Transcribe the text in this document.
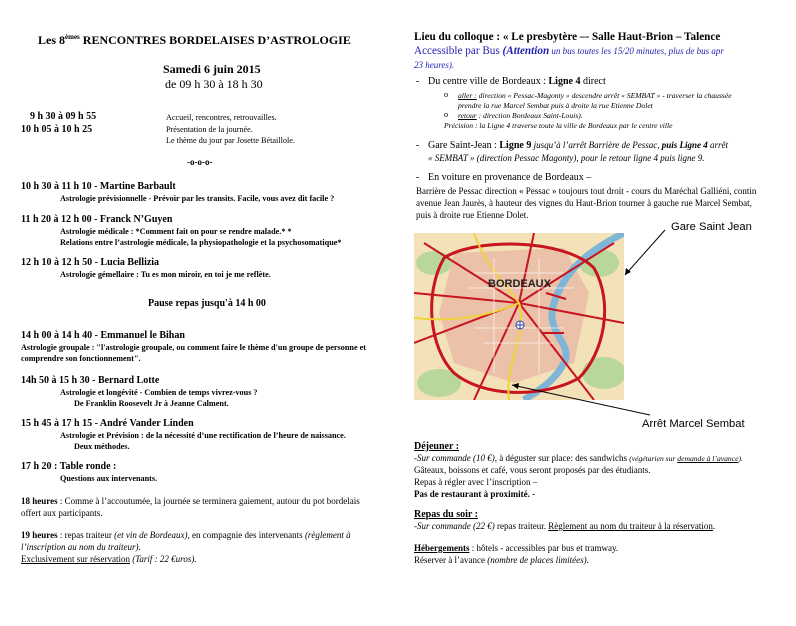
Les 8èmes RENCONTRES BORDELAISES D’ASTROLOGIE
Samedi 6 juin 2015
de 09 h 30 à 18 h 30
9 h 30 à 09 h 55	Accueil, rencontres, retrouvailles.
10 h 05 à 10 h 25	Présentation de la journée.
Le thème du jour par Josette Bétaillole.
-o-o-o-
10 h 30 à 11 h 10 - Martine Barbault
Astrologie prévisionnelle - Prévoir par les transits. Facile, vous avez dit facile ?
11 h 20 à 12 h 00 - Franck N’Guyen
Astrologie médicale : *Comment fait on pour se rendre malade.* *
Relations entre l’astrologie médicale, la physiopathologie et la psychosomatique*
12 h 10 à 12 h 50 - Lucia Bellizia
Astrologie gémellaire : Tu es mon miroir, en toi je me reflète.
Pause repas jusqu'à 14 h 00
14 h 00 à 14 h 40 - Emmanuel le Bihan
Astrologie groupale : "l'astrologie groupale, ou comment faire le thème d'un groupe de personne et
comprendre son fonctionnement".
14h 50 à 15 h 30 - Bernard Lotte
Astrologie et longévité - Combien de temps vivrez-vous ?
De Franklin Roosevelt Jr à Jeanne Calment.
15 h 45 à 17 h 15 - André Vander Linden
Astrologie et Prévision : de la nécessité d’une rectification de l’heure de naissance.
Deux méthodes.
17 h 20 : Table ronde :
Questions aux intervenants.
18 heures : Comme à l’accoutumée, la journée se terminera gaiement, autour du pot bordelais
offert aux participants.
19 heures : repas traiteur (et vin de Bordeaux), en compagnie des intervenants (règlement à
l’inscription au nom du traiteur).
Exclusivement sur réservation (Tarif : 22 €uros).
Lieu du colloque : « Le presbytère –- Salle Haut-Brion – Talence
Accessible par Bus (Attention un bus toutes les 15/20 minutes, plus de bus apr
23 heures).
- Du centre ville de Bordeaux : Ligne 4 direct
o aller : direction « Pessac-Magonty » descendre arrêt « SEMBAT » - traverser la chaussée
prendre la rue Marcel Sembat puis à droite la rue Etienne Dolet
o retour : direction Bordeaux Saint-Louis).
Précision : la Ligne 4 traverse toute la ville de Bordeaux par le centre ville
- Gare Saint-Jean : Ligne 9 jusqu’à l’arrêt Barrière de Pessac, puis Ligne 4 arrêt
« SEMBAT » (direction Pessac Magonty), pour le retour ligne 4 puis ligne 9.
- En voiture en provenance de Bordeaux –
Barrière de Pessac direction « Pessac » toujours tout droit - cours du Maréchal Galliéni, contin
avenue Jean Jaurès, à hauteur des vignes du Haut-Brion tourner à gauche rue Marcel Sembat,
puis à droite rue Etienne Dolet.
BORDEAUX
Gare Saint Jean
Arrêt Marcel Sembat
Déjeuner :
-Sur commande (10 €), à déguster sur place: des sandwichs (végétarien sur demande à l’avance).
Gâteaux, boissons et café, vous seront proposés par des étudiants.
Repas à régler avec l’inscription –
Pas de restaurant à proximité. -
Repas du soir :
-Sur commande (22 €) repas traiteur. Règlement au nom du traiteur à la réservation.
Hébergements : hôtels - accessibles par bus et tramway.
Réserver à l’avance (nombre de places limitées).
